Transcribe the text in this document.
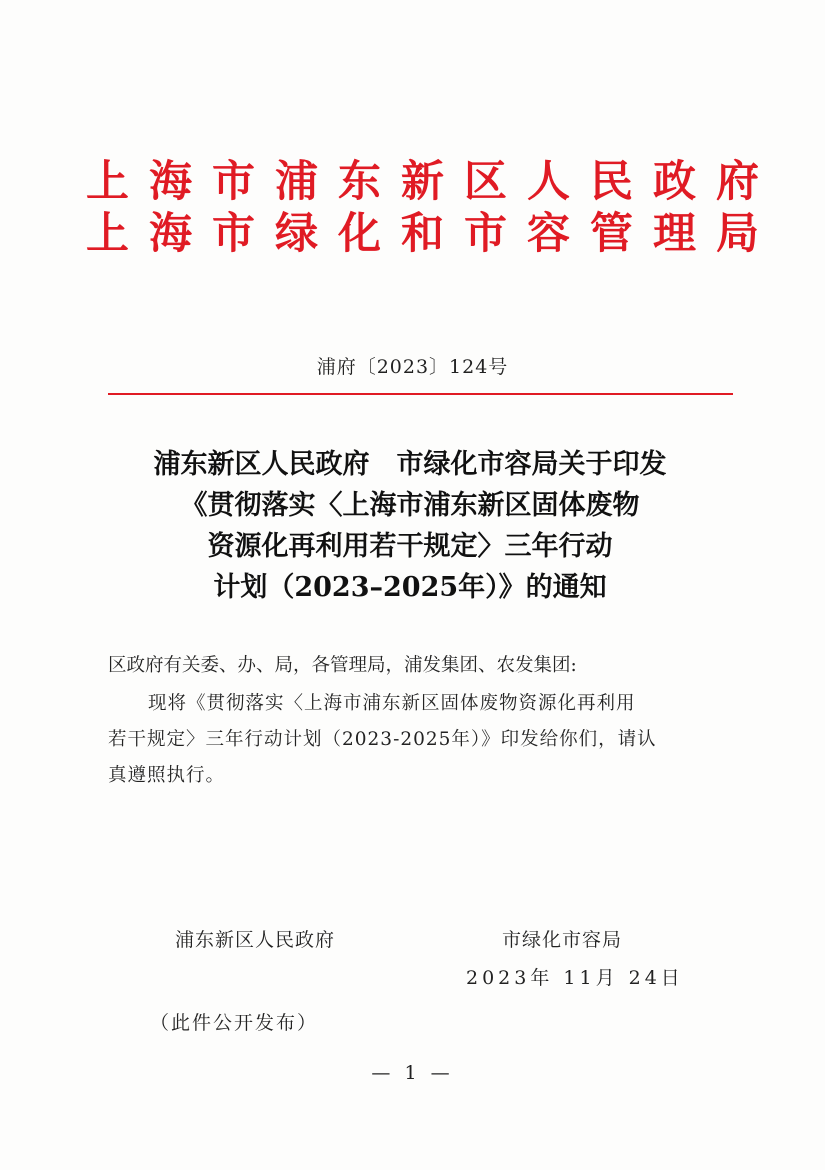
上海市浦东新区人民政府
上海市绿化和市容管理局
浦府〔2023〕124号
浦东新区人民政府　市绿化市容局关于印发
《贯彻落实〈上海市浦东新区固体废物
资源化再利用若干规定〉三年行动
计划（2023–2025年）》的通知
区政府有关委、办、局，各管理局，浦发集团、农发集团:
现将《贯彻落实〈上海市浦东新区固体废物资源化再利用
若干规定〉三年行动计划（2023-2025年）》印发给你们，请认
真遵照执行。
浦东新区人民政府	市绿化市容局
2023年 11月 24日
（此件公开发布）
— 1 —
